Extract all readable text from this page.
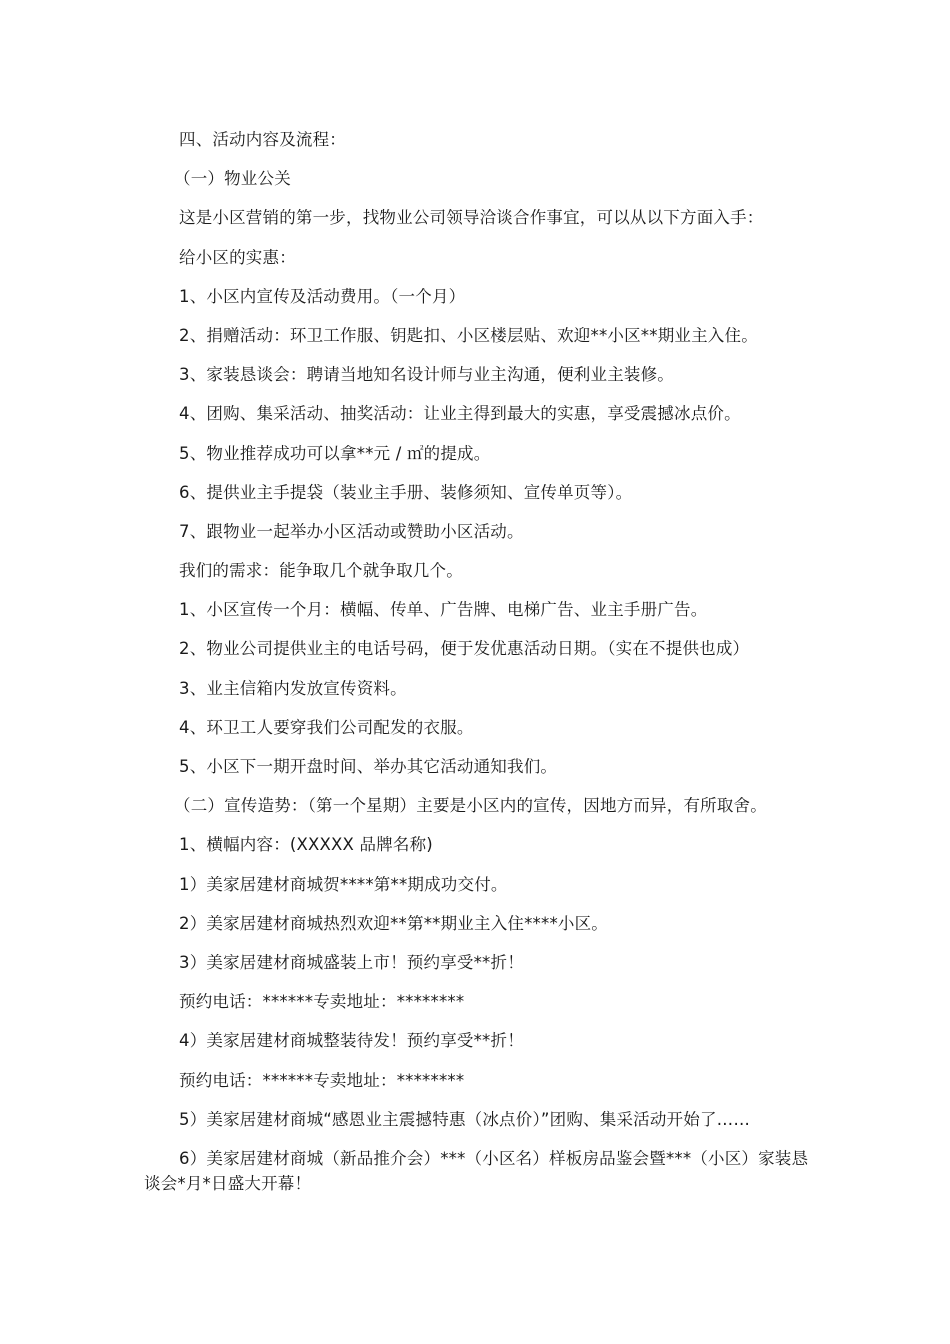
四、活动内容及流程：
（一）物业公关
这是小区营销的第一步，找物业公司领导洽谈合作事宜，可以从以下方面入手：
给小区的实惠：
1、小区内宣传及活动费用。（一个月）
2、捐赠活动：环卫工作服、钥匙扣、小区楼层贴、欢迎**小区**期业主入住。
3、家装恳谈会：聘请当地知名设计师与业主沟通，便利业主装修。
4、团购、集采活动、抽奖活动：让业主得到最大的实惠，享受震撼冰点价。
5、物业推荐成功可以拿**元 / ㎡的提成。
6、提供业主手提袋（装业主手册、装修须知、宣传单页等）。
7、跟物业一起举办小区活动或赞助小区活动。
我们的需求：能争取几个就争取几个。
1、小区宣传一个月：横幅、传单、广告牌、电梯广告、业主手册广告。
2、物业公司提供业主的电话号码，便于发优惠活动日期。（实在不提供也成）
3、业主信箱内发放宣传资料。
4、环卫工人要穿我们公司配发的衣服。
5、小区下一期开盘时间、举办其它活动通知我们。
（二）宣传造势：（第一个星期）主要是小区内的宣传，因地方而异，有所取舍。
1、横幅内容：(XXXXX 品牌名称)
1）美家居建材商城贺****第**期成功交付。
2）美家居建材商城热烈欢迎**第**期业主入住****小区。
3）美家居建材商城盛装上市！预约享受**折！
预约电话：******专卖地址：********
4）美家居建材商城整装待发！预约享受**折！
预约电话：******专卖地址：********
5）美家居建材商城“感恩业主震撼特惠（冰点价）”团购、集采活动开始了……
6）美家居建材商城（新品推介会）***（小区名）样板房品鉴会暨***（小区）家装恳谈会*月*日盛大开幕！
